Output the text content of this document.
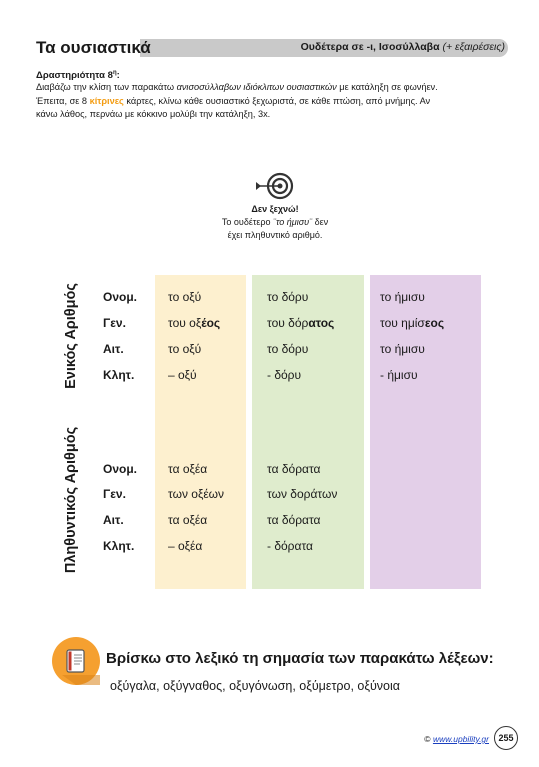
Τα ουσιαστικά	Ουδέτερα σε -ι, Ισοσύλλαβα (+ εξαιρέσεις)
Δραστηριότητα $8^\eta$:
Διαβάζω την κλίση των παρακάτω ανισοσύλλαβων ιδιόκλιτων ουσιαστικών με κατάληξη σε φωνήεν.
Έπειτα, σε 8 κίτρινες κάρτες, κλίνω κάθε ουσιαστικό ξεχωριστά, σε κάθε πτώση, από μνήμης. Αν
κάνω λάθος, περνάω με κόκκινο μολύβι την κατάληξη, 3x.
Δεν ξεχνώ!
Το ουδέτερο ¨το ήμισυ¨ δεν
έχει πληθυντικό αριθμό.
Ενικός Αριθμός
Πληθυντικός Αριθμός
Ονομ.
Γεν.
Αιτ.
Κλητ.
το οξύ
του οξέος
το οξύ
– οξύ
το δόρυ
του δόρατος
το δόρυ
- δόρυ
το ήμισυ
του ημίσεος
το ήμισυ
- ήμισυ
Ονομ.
Γεν.
Αιτ.
Κλητ.
τα οξέα
των οξέων
τα οξέα
– οξέα
τα δόρατα
των δοράτων
τα δόρατα
- δόρατα
Βρίσκω στο λεξικό τη σημασία των παρακάτω λέξεων:
οξύγαλα, οξύγναθος, οξυγόνωση, οξύμετρο, οξύνοια
© www.upbility.gr	255
